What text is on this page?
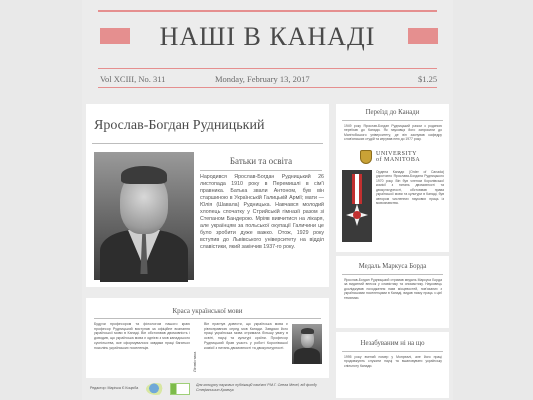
НАШІ В КАНАДІ
Vol XCIII, No. 311	Monday, February 13, 2017	$1.25
Ярослав-Богдан Рудницький
Батьки та освіта
Народився Ярослав-Богдан Рудницький 26 листопада 1910 року в Перемишлі в сім'ї правника. Батька звали Антоном, був він старшиною в Українській Галицькій Армії; мати — Юлія (Шавала) Рудницька. Навчався молодий хлопець спочатку у Стрийській гімназії разом зі Степаном Бандерою. Мріяв вивчитися на лікаря, але українцям за польської окупації Галичини це було зробити дуже важко. Отож, 1929 року вступив до Львівського університету на відділ славістики, який закінчив 1937-го року.
Краса української мови
Будучи професором та філологом нашого краю професор Рудницький виступав за офіційне визнання української мови в Канаді. Він обстоював двомовність і доводив, що українська мова є однією з мов канадського суспільства, яке сформувалося завдяки праці багатьох поколінь українських поселенців.
Лінгвістика
Він прагнув довести, що українська мова є рівноправною серед мов Канади. Завдяки його праці українська мова отримала більшу увагу в освіті, науці та культурі країни. Професор Рудницький брав участь у роботі Королівської комісії з питань двомовності та двокультурності.
Редактор: Марічка Є Коцюба
Для конкурсу наукових публікацій пам'яті Р.М.Г. Олега Мехеї, від фонду Стефанишин-Кравчук
Переїзд до Канади
1949 року Ярослав-Богдан Рудницький разом з родиною переїхав до Канади. Як науковця його запросили до Манітобського університету, де він заснував кафедру слов'янських студій та керував нею до 1977 року.
UNIVERSITY
of MANITOBA
Ордена Канади (Order of Canada) удостоєно Ярослава-Богдана Рудницького 1970 року. Він був членом Королівської комісії з питань двомовності та двокультурності, обстоював права української мови та культури в Канаді, був автором численних наукових праць із мовознавства.
Медаль Маркуса Борда
Ярослав-Богдан Рудницький отримав медаль Маркуса Борда за видатний внесок у славістику та ономастику. Науковець досліджував походження назв місцевостей, пов'язаних з українськими поселенцями в Канаді, видав низку праць з цієї тематики.
Незабуваним ні на що
1995 року вчений помер у Монреалі, але його праці продовжують служити науці та вшановувати українську спільноту Канади.
